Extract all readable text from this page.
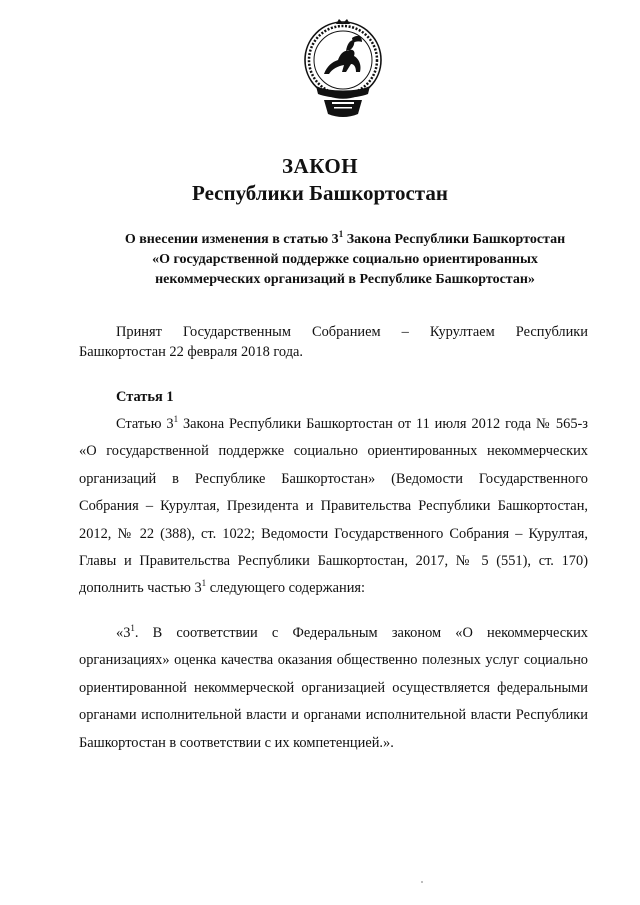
ЗАКОН
Республики Башкортостан
О внесении изменения в статью $3^1$ Закона Республики Башкортостан
«О государственной поддержке социально ориентированных
некоммерческих организаций в Республике Башкортостан»
Принят Государственным Собранием – Курултаем Республики Башкортостан 22 февраля 2018 года.
Статья 1
Статью $3^1$ Закона Республики Башкортостан от 11 июля 2012 года № 565-з «О государственной поддержке социально ориентированных некоммерческих организаций в Республике Башкортостан» (Ведомости Государственного Собрания – Курултая, Президента и Правительства Республики Башкортостан, 2012, № 22 (388), ст. 1022; Ведомости Государственного Собрания – Курултая, Главы и Правительства Республики Башкортостан, 2017, № 5 (551), ст. 170) дополнить частью $3^1$ следующего содержания:
«$3^1$. В соответствии с Федеральным законом «О некоммерческих организациях» оценка качества оказания общественно полезных услуг социально ориентированной некоммерческой организацией осуществляется федеральными органами исполнительной власти и органами исполнительной власти Республики Башкортостан в соответствии с их компетенцией.».
